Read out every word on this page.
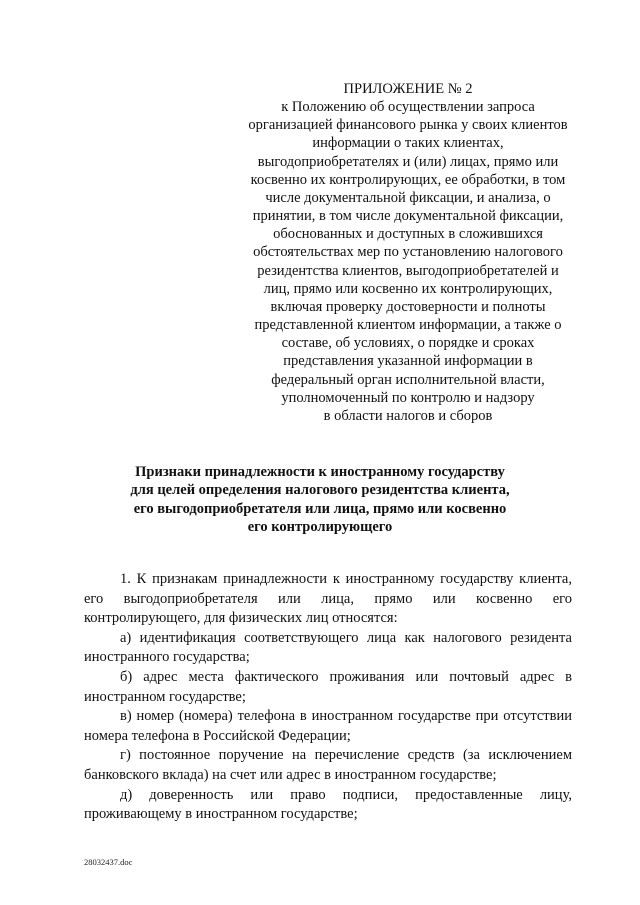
ПРИЛОЖЕНИЕ № 2
к Положению об осуществлении запроса
организацией финансового рынка у своих клиентов
информации о таких клиентах,
выгодоприобретателях и (или) лицах, прямо или
косвенно их контролирующих, ее обработки, в том
числе документальной фиксации, и анализа, о
принятии, в том числе документальной фиксации,
обоснованных и доступных в сложившихся
обстоятельствах мер по установлению налогового
резидентства клиентов, выгодоприобретателей и
лиц, прямо или косвенно их контролирующих,
включая проверку достоверности и полноты
представленной клиентом информации, а также о
составе, об условиях, о порядке и сроках
представления указанной информации в
федеральный орган исполнительной власти,
уполномоченный по контролю и надзору
в области налогов и сборов
Признаки принадлежности к иностранному государству
для целей определения налогового резидентства клиента,
его выгодоприобретателя или лица, прямо или косвенно
его контролирующего

1. К признакам принадлежности к иностранному государству клиента, его выгодоприобретателя или лица, прямо или косвенно его контролирующего, для физических лиц относятся:

а) идентификация соответствующего лица как налогового резидента иностранного государства;

б) адрес места фактического проживания или почтовый адрес в иностранном государстве;

в) номер (номера) телефона в иностранном государстве при отсутствии номера телефона в Российской Федерации;

г) постоянное поручение на перечисление средств (за исключением банковского вклада) на счет или адрес в иностранном государстве;

д) доверенность или право подписи, предоставленные лицу, проживающему в иностранном государстве;

28032437.doc
